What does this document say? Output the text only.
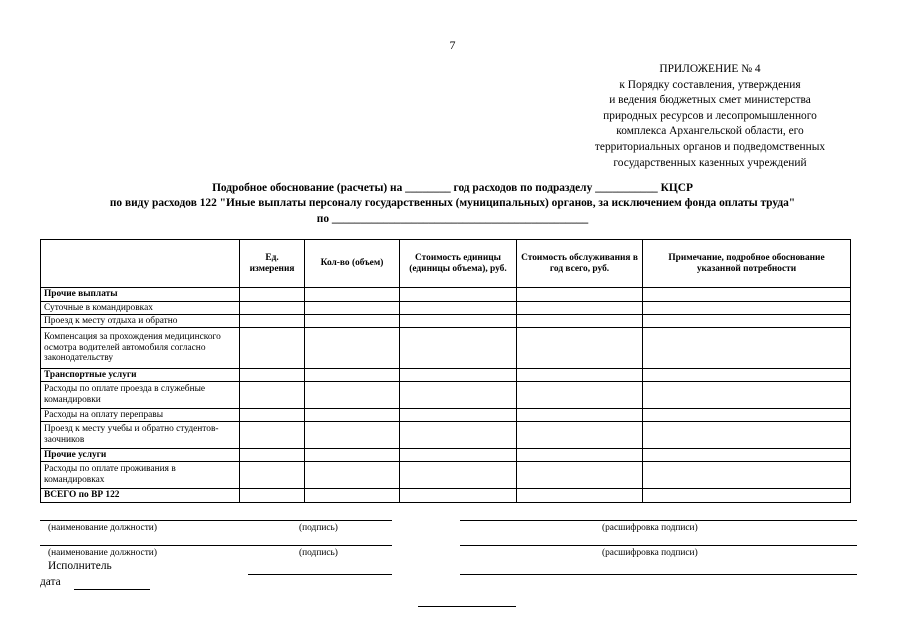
7
ПРИЛОЖЕНИЕ № 4
к Порядку составления, утверждения
и ведения бюджетных смет министерства
природных ресурсов и лесопромышленного
комплекса Архангельской области, его
территориальных органов и подведомственных
государственных казенных учреждений
Подробное обоснование (расчеты) на ________ год расходов по подразделу ___________ КЦСР
по виду расходов 122 "Иные выплаты персоналу государственных (муниципальных) органов, за исключением фонда оплаты труда"
по _____________________________________________
	Ед. измерения	Кол-во (объем)	Стоимость единицы (единицы объема), руб.	Стоимость обслуживания в год всего, руб.	Примечание, подробное обоснование указанной потребности
Прочие выплаты					
Суточные в командировках					
Проезд к месту отдыха и обратно					
Компенсация за прохождения медицинского осмотра водителей автомобиля согласно законодательству					
Транспортные услуги					
Расходы по оплате проезда в служебные командировки					
Расходы на оплату переправы					
Проезд к месту учебы и обратно студентов-заочников					
Прочие услуги					
Расходы по оплате проживания в командировках					
ВСЕГО по ВР 122					
(наименование должности)	(подпись)	(расшифровка подписи)
(наименование должности)	(подпись)	(расшифровка подписи)
Исполнитель
дата
